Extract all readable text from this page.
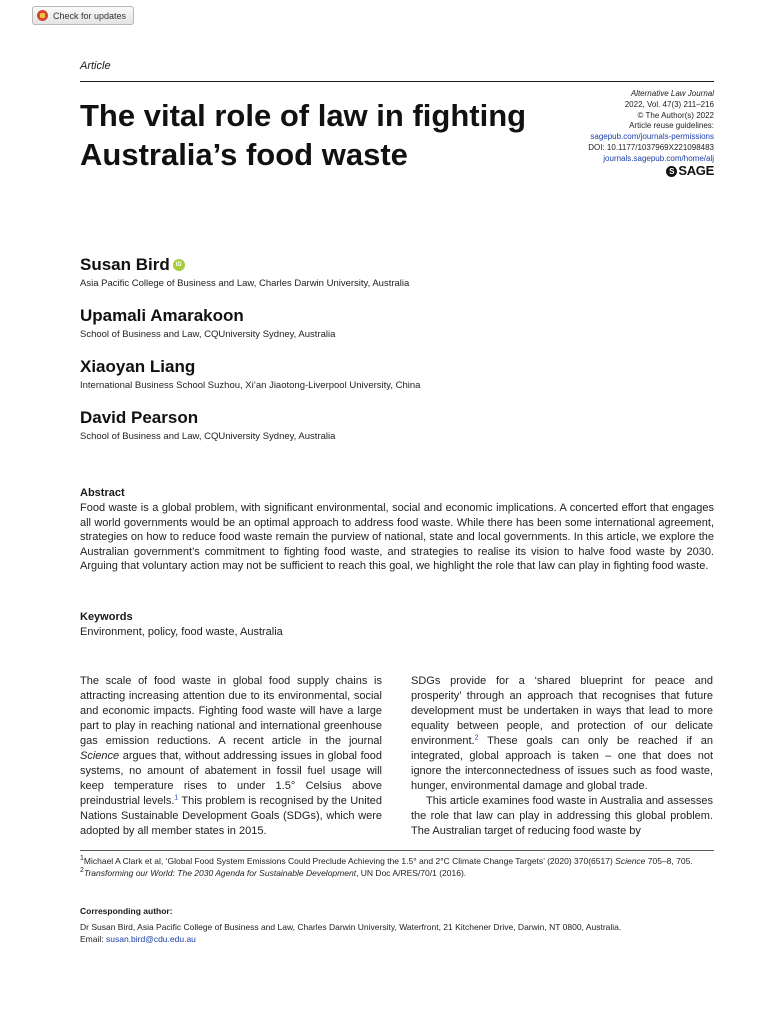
Check for updates
Article
Alternative Law Journal
2022, Vol. 47(3) 211–216
© The Author(s) 2022
Article reuse guidelines:
sagepub.com/journals-permissions
DOI: 10.1177/1037969X221098483
journals.sagepub.com/home/alj
S SAGE
The vital role of law in fighting Australia’s food waste
Susan Bird	iD
Asia Pacific College of Business and Law, Charles Darwin University, Australia
Upamali Amarakoon
School of Business and Law, CQUniversity Sydney, Australia
Xiaoyan Liang
International Business School Suzhou, Xi’an Jiaotong-Liverpool University, China
David Pearson
School of Business and Law, CQUniversity Sydney, Australia
Abstract
Food waste is a global problem, with significant environmental, social and economic implications. A concerted effort that engages all world governments would be an optimal approach to address food waste. While there has been some international agreement, strategies on how to reduce food waste remain the purview of national, state and local governments. In this article, we explore the Australian government’s commitment to fighting food waste, and strategies to realise its vision to halve food waste by 2030. Arguing that voluntary action may not be sufficient to reach this goal, we highlight the role that law can play in fighting food waste.
Keywords
Environment, policy, food waste, Australia

The scale of food waste in global food supply chains is attracting increasing attention due to its environmental, social and economic impacts. Fighting food waste will have a large part to play in reaching national and international greenhouse gas emission reductions. A recent article in the journal Science argues that, without addressing issues in global food systems, no amount of abatement in fossil fuel usage will keep temperature rises to under 1.5° Celsius above preindustrial levels.$^1$ This problem is recognised by the United Nations Sustainable Development Goals (SDGs), which were adopted by all member states in 2015.

SDGs provide for a ‘shared blueprint for peace and prosperity’ through an approach that recognises that future development must be undertaken in ways that lead to more equality between people, and protection of our delicate environment.$^2$ These goals can only be reached if an integrated, global approach is taken – one that does not ignore the interconnectedness of issues such as food waste, hunger, environmental damage and global trade.

This article examines food waste in Australia and assesses the role that law can play in addressing this global problem. The Australian target of reducing food waste by

$^1$Michael A Clark et al, ‘Global Food System Emissions Could Preclude Achieving the 1.5° and 2°C Climate Change Targets’ (2020) 370(6517) Science 705–8, 705.

$^2$Transforming our World: The 2030 Agenda for Sustainable Development, UN Doc A/RES/70/1 (2016).

Corresponding author:
Dr Susan Bird, Asia Pacific College of Business and Law, Charles Darwin University, Waterfront, 21 Kitchener Drive, Darwin, NT 0800, Australia.
Email: susan.bird@cdu.edu.au
